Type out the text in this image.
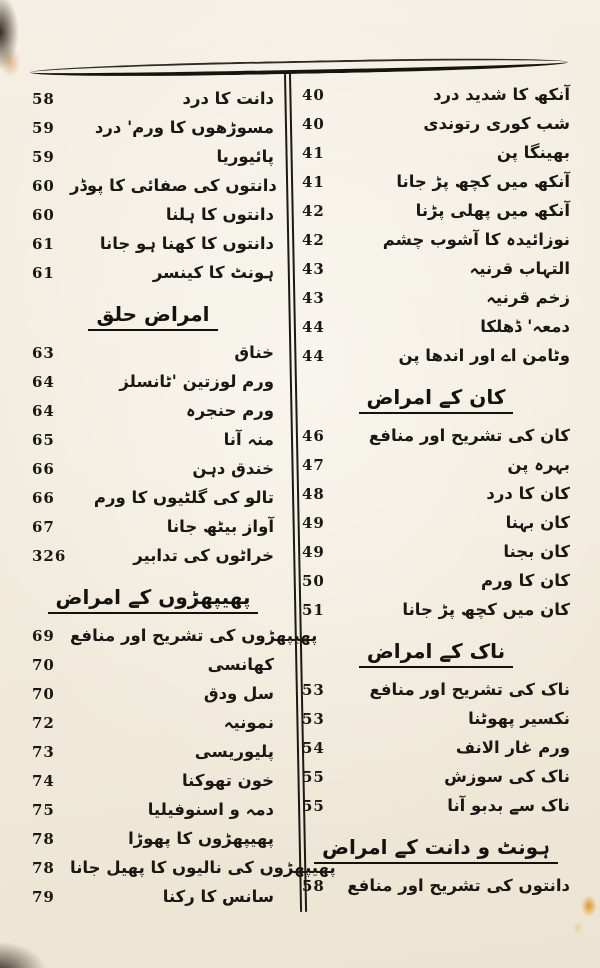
58	دانت کا درد
59	مسوڑھوں کا ورم' درد
59	پائیوریا
60 دانتوں کی صفائی کا پوڈر
60	دانتوں کا ہلنا
61	دانتوں کا کھنا ہو جانا
61	ہونٹ کا کینسر
امراض حلق
63	خناق
64	ورم لوزتین 'ٹانسلز
64	ورم حنجرہ
65	منہ آنا
66	خندق دہن
66	تالو کی گلٹیوں کا ورم
67	آواز بیٹھ جانا
326	خراٹوں کی تدابیر
پھیپھڑوں کے امراض
69 پھیپھڑوں کی تشریح اور منافع
70	کھانسی
70	سل ودق
72	نمونیہ
73	پلیوریسی
74	خون تھوکنا
75	دمہ و اسنوفیلیا
78	پھیپھڑوں کا پھوڑا
78 پھیپھڑوں کی نالیوں کا پھیل جانا
79	سانس کا رکنا
40	آنکھ کا شدید درد
40	شب کوری رتوندی
41	بھینگا پن
41	آنکھ میں کچھ پڑ جانا
42	آنکھ میں پھلی پڑنا
42	نوزائیدہ کا آشوب چشم
43	التہاب قرنیہ
43	زخم قرنیہ
44	دمعہ' ڈھلکا
44	وٹامن اے اور اندھا پن
کان کے امراض
46	کان کی تشریح اور منافع
47	بہرہ پن
48	کان کا درد
49	کان بہنا
49	کان بجنا
50	کان کا ورم
51	کان میں کچھ پڑ جانا
ناک کے امراض
53	ناک کی تشریح اور منافع
53	نکسیر پھوٹنا
54	ورم غار الانف
55	ناک کی سوزش
55	ناک سے بدبو آنا
ہونٹ و دانت کے امراض
58	دانتوں کی تشریح اور منافع
